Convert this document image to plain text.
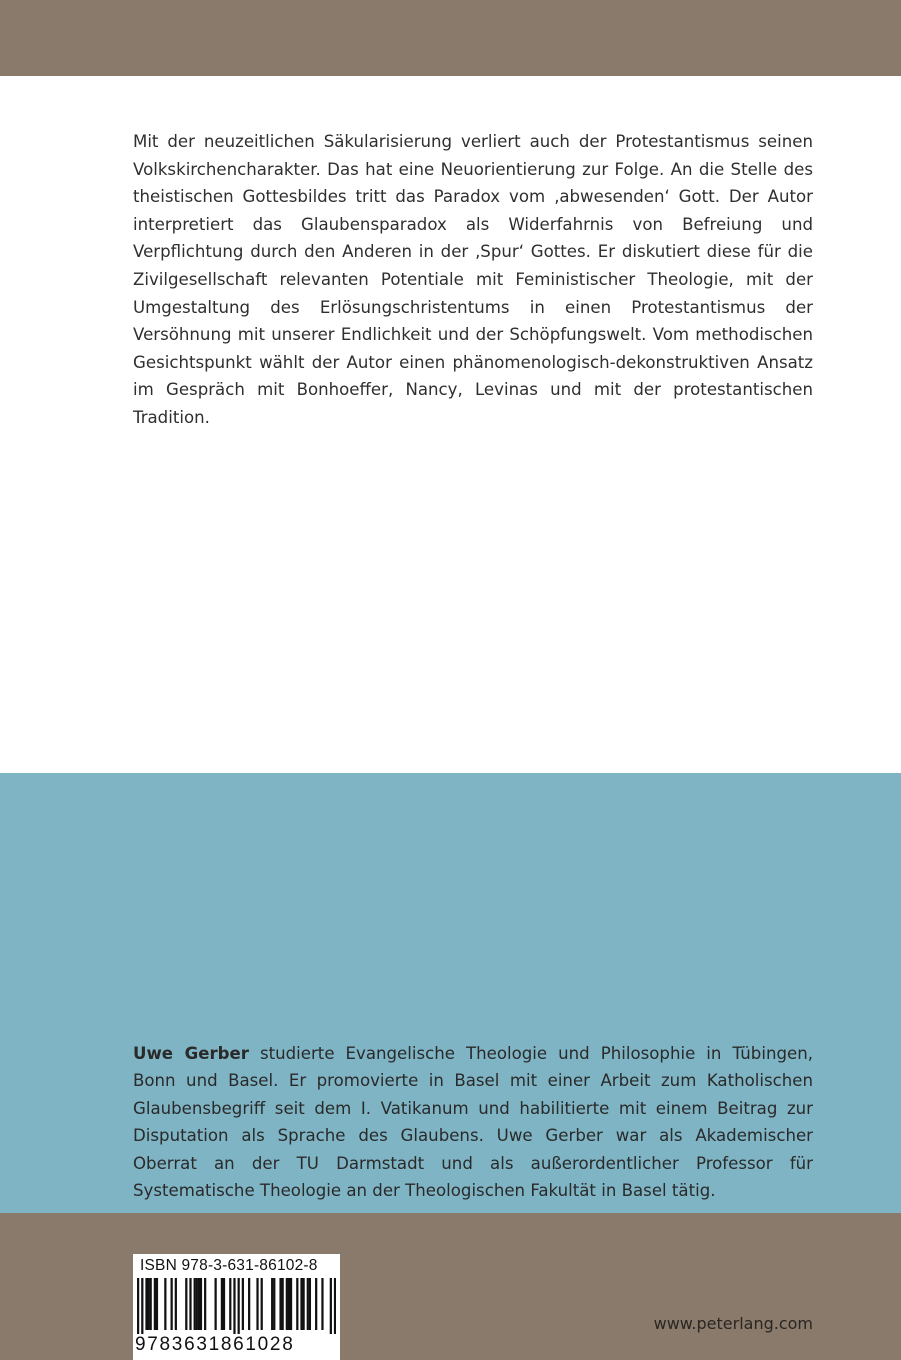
Mit der neuzeitlichen Säkularisierung verliert auch der Protestantismus seinen Volkskirchencharakter. Das hat eine Neuorientierung zur Folge. An die Stelle des theistischen Gottesbildes tritt das Paradox vom ‚abwesenden‘ Gott. Der Autor interpretiert das Glaubensparadox als Widerfahrnis von Befreiung und Verpflichtung durch den Anderen in der ‚Spur‘ Gottes. Er diskutiert diese für die Zivilgesellschaft relevanten Potentiale mit Feministischer Theologie, mit der Umgestaltung des Erlösungschristentums in einen Protestantismus der Versöhnung mit unserer Endlichkeit und der Schöpfungswelt. Vom methodischen Gesichtspunkt wählt der Autor einen phänomenologisch-dekonstruktiven Ansatz im Gespräch mit Bonhoeffer, Nancy, Levinas und mit der protestantischen Tradition.

Uwe Gerber studierte Evangelische Theologie und Philosophie in Tübingen, Bonn und Basel. Er promovierte in Basel mit einer Arbeit zum Katholischen Glaubensbegriff seit dem I. Vatikanum und habilitierte mit einem Beitrag zur Disputation als Sprache des Glaubens. Uwe Gerber war als Akademischer Oberrat an der TU Darmstadt und als außerordentlicher Professor für Systematische Theologie an der Theologischen Fakultät in Basel tätig.

ISBN 978-3-631-86102-8
9783631861028
www.peterlang.com
